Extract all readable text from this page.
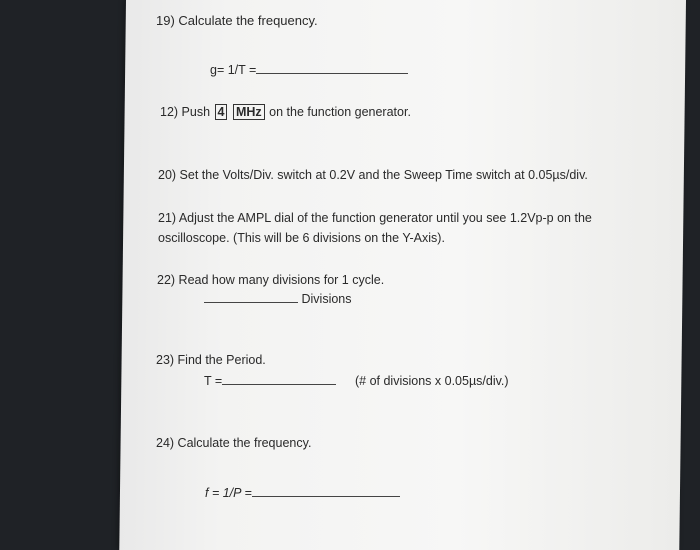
19) Calculate the frequency.
g= 1/T =
12) Push 4 MHz on the function generator.
20) Set the Volts/Div. switch at 0.2V and the Sweep Time switch at 0.05µs/div.
21) Adjust the AMPL dial of the function generator until you see 1.2Vp-p on the
oscilloscope. (This will be 6 divisions on the Y-Axis).
22) Read how many divisions for 1 cycle.
Divisions
23) Find the Period.
T =	(# of divisions x 0.05µs/div.)
24) Calculate the frequency.
f = 1/P =
